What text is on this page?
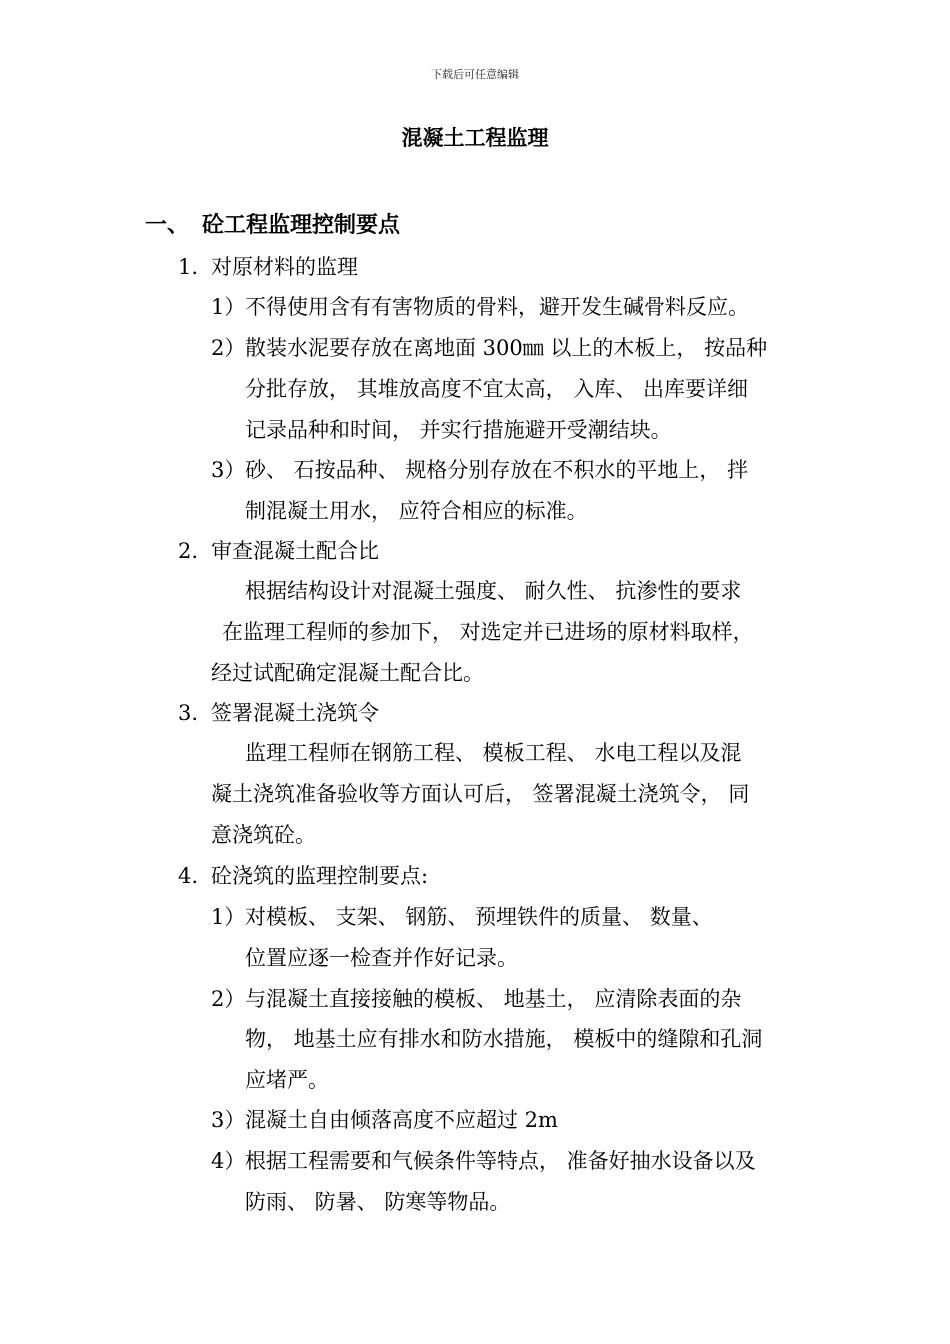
下载后可任意编辑
混凝土工程监理
一、 砼工程监理控制要点
1. 对原材料的监理
1） 不得使用含有有害物质的骨料，避开发生碱骨料反应。
2） 散装水泥要存放在离地面 300㎜ 以上的木板上， 按品种
分批存放， 其堆放高度不宜太高， 入库、 出库要详细
记录品种和时间， 并实行措施避开受潮结块。
3） 砂、 石按品种、 规格分别存放在不积水的平地上， 拌
制混凝土用水， 应符合相应的标准。
2. 审查混凝土配合比
根据结构设计对混凝土强度、 耐久性、 抗渗性的要求
在监理工程师的参加下， 对选定并已进场的原材料取样，
经过试配确定混凝土配合比。
3. 签署混凝土浇筑令
监理工程师在钢筋工程、 模板工程、 水电工程以及混
凝土浇筑准备验收等方面认可后， 签署混凝土浇筑令， 同
意浇筑砼。
4. 砼浇筑的监理控制要点:
1） 对模板、 支架、 钢筋、 预埋铁件的质量、 数量、
位置应逐一检查并作好记录。
2） 与混凝土直接接触的模板、 地基土， 应清除表面的杂
物， 地基土应有排水和防水措施， 模板中的缝隙和孔洞
应堵严。
3） 混凝土自由倾落高度不应超过 2m
4） 根据工程需要和气候条件等特点， 准备好抽水设备以及
防雨、 防暑、 防寒等物品。
